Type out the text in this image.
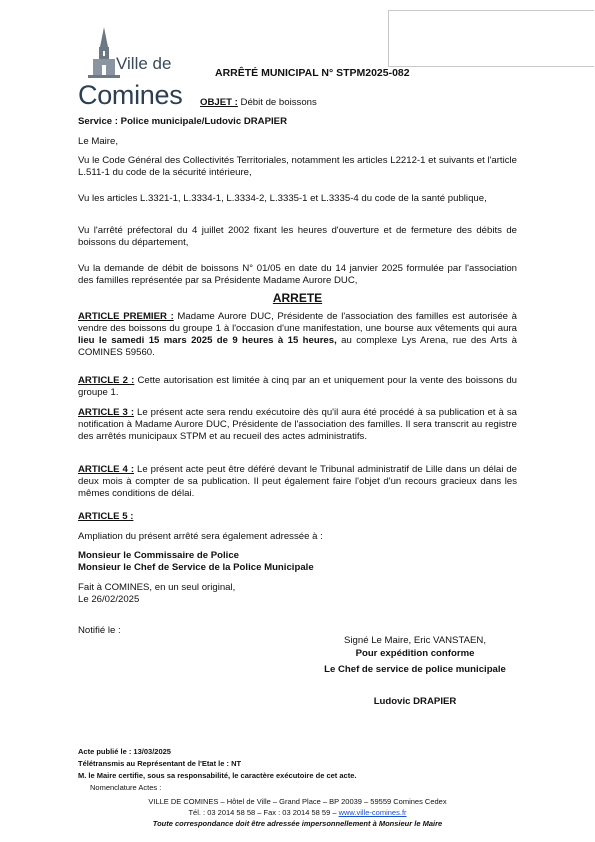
Ville de
Comines
ARRÊTÉ MUNICIPAL N° STPM2025-082
OBJET : Débit de boissons
Service : Police municipale/Ludovic DRAPIER
Le Maire,
Vu le Code Général des Collectivités Territoriales, notamment les articles L2212-1 et suivants et l'article L.511-1 du code de la sécurité intérieure,
Vu les articles L.3321-1, L.3334-1, L.3334-2, L.3335-1 et L.3335-4 du code de la santé publique,
Vu l'arrêté préfectoral du 4 juillet 2002 fixant les heures d'ouverture et de fermeture des débits de boissons du département,
Vu la demande de débit de boissons N° 01/05 en date du 14 janvier 2025 formulée par l'association des familles représentée par sa Présidente Madame Aurore DUC,
ARRETE
ARTICLE PREMIER : Madame Aurore DUC, Présidente de l'association des familles est autorisée à vendre des boissons du groupe 1 à l'occasion d'une manifestation, une bourse aux vêtements qui aura lieu le samedi 15 mars 2025 de 9 heures à 15 heures, au complexe Lys Arena, rue des Arts à COMINES 59560.
ARTICLE 2 : Cette autorisation est limitée à cinq par an et uniquement pour la vente des boissons du groupe 1.
ARTICLE 3 : Le présent acte sera rendu exécutoire dès qu'il aura été procédé à sa publication et à sa notification à Madame Aurore DUC, Présidente de l'association des familles. Il sera transcrit au registre des arrêtés municipaux STPM et au recueil des actes administratifs.
ARTICLE 4 : Le présent acte peut être déféré devant le Tribunal administratif de Lille dans un délai de deux mois à compter de sa publication. Il peut également faire l'objet d'un recours gracieux dans les mêmes conditions de délai.
ARTICLE 5 :
Ampliation du présent arrêté sera également adressée à :
Monsieur le Commissaire de Police
Monsieur le Chef de Service de la Police Municipale
Fait à COMINES, en un seul original,
Le 26/02/2025
Notifié le :
Signé Le Maire, Eric VANSTAEN,
Pour expédition conforme
Le Chef de service de police municipale
Ludovic DRAPIER
Acte publié le : 13/03/2025
Télétransmis au Représentant de l'Etat le : NT
M. le Maire certifie, sous sa responsabilité, le caractère exécutoire de cet acte.
Nomenclature Actes :
VILLE DE COMINES – Hôtel de Ville – Grand Place – BP 20039 – 59559 Comines Cedex
Tél. : 03 2014 58 58 – Fax : 03 2014 58 59 – www.ville-comines.fr
Toute correspondance doit être adressée impersonnellement à Monsieur le Maire
